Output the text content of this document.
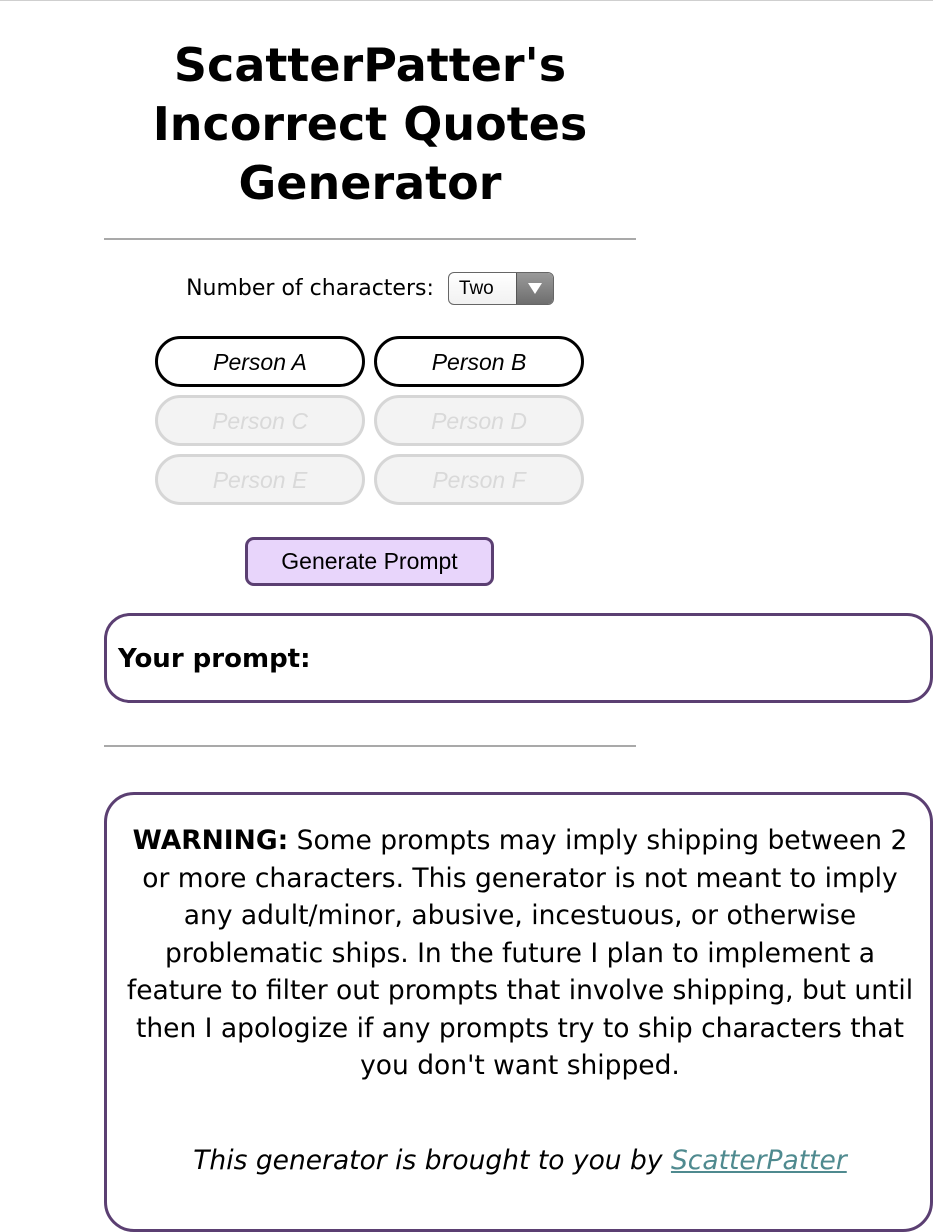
ScatterPatter's Incorrect Quotes Generator
Number of characters: Two
Person A	Person B
Person C	Person D
Person E	Person F
Generate Prompt
Your prompt:

WARNING: Some prompts may imply shipping between 2 or more characters. This generator is not meant to imply any adult/minor, abusive, incestuous, or otherwise problematic ships. In the future I plan to implement a feature to filter out prompts that involve shipping, but until then I apologize if any prompts try to ship characters that you don't want shipped.

This generator is brought to you by ScatterPatter
